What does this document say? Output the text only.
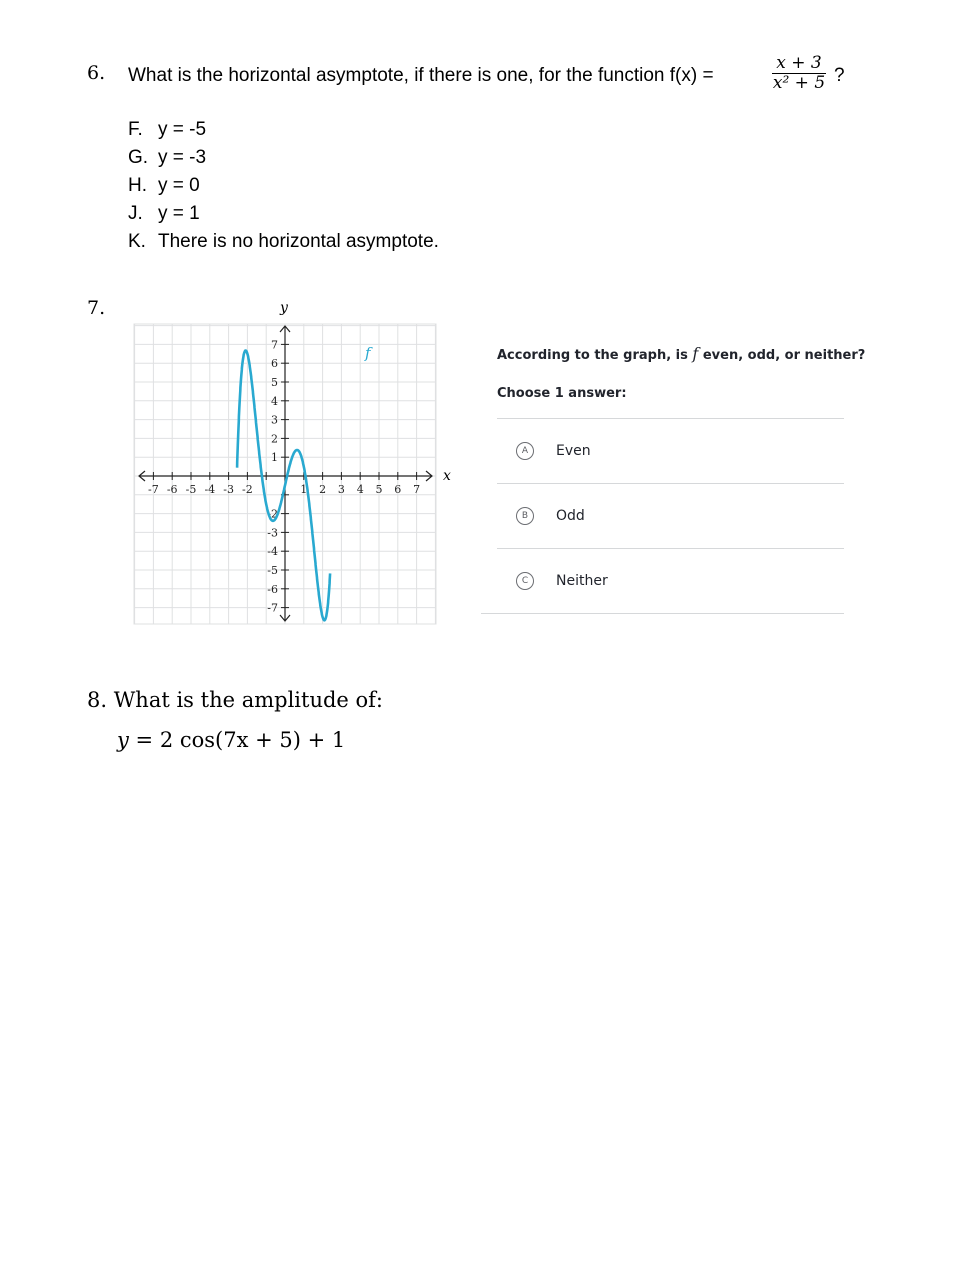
6. What is the horizontal asymptote, if there is one, for the function f(x) =
x + 3
x² + 5 ?
F. y = -5
G. y = -3
H. y = 0
J. y = 1
K. There is no horizontal asymptote.
7.
-7 -6 -5 -4 -3 -2	1 2 3 4 5 6 7
7
6
5
4
3
2
1
-2
-3
-4
-5
-6
-7
f
x
y
According to the graph, is f even, odd, or neither?
Choose 1 answer:
A	Even
B	Odd
C	Neither
8. What is the amplitude of:
y = 2 cos(7x + 5) + 1
